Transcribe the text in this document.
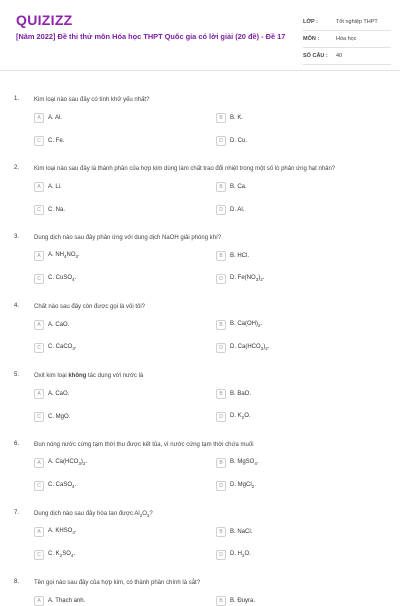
QUIZIZZ
[Năm 2022] Đề thi thử môn Hóa học THPT Quốc gia có lời giải (20 đề) - Đề 17
LỚP :	Tốt nghiệp THPT
MÔN :	Hóa học
SỐ CÂU :	40
1. Kim loại nào sau đây có tính khử yếu nhất?
A	A. Al.	B	B. K.
C	C. Fe.	D	D. Cu.
2. Kim loại nào sau đây là thành phần của hợp kim dùng làm chất trao đổi nhiệt trong một số lò phản ứng hạt nhân?
A	A. Li.	B	B. Ca.
C	C. Na.	D	D. Al.
3. Dung dịch nào sau đây phản ứng với dung dịch NaOH giải phóng khí?
A	A. $NH_4NO_3$.	B	B. HCl.
C	C. CuSO$_4$.	D	D. $Fe(NO_3)_2$.
4. Chất nào sau đây còn được gọi là vôi tôi?
A	A. CaO.	B	B. $Ca(OH)_2$.
C	C. CaCO$_3$.	D	D. $Ca(HCO_3)_2$.
5. Oxit kim loại không tác dụng với nước là
A	A. CaO.	B	B. BaO.
C	C. MgO.	D	D. $K_2O$.
6. Đun nóng nước cứng tạm thời thu được kết tủa, vì nước cứng tạm thời chứa muối
A	A. $Ca(HCO_3)_2$.	B	B. MgSO$_4$.
C	C. CaSO$_4$.	D	D. MgCl$_2$.
7. Dung dịch nào sau đây hòa tan được $Al_2O_3$?
A	A. $KHSO_4$.	B	B. NaCl.
C	C. $K_2SO_4$.	D	D. $H_2O$.
8. Tên gọi nào sau đây của hợp kim, có thành phần chính là sắt?
A	A. Thạch anh.	B	B. Đuyra.
